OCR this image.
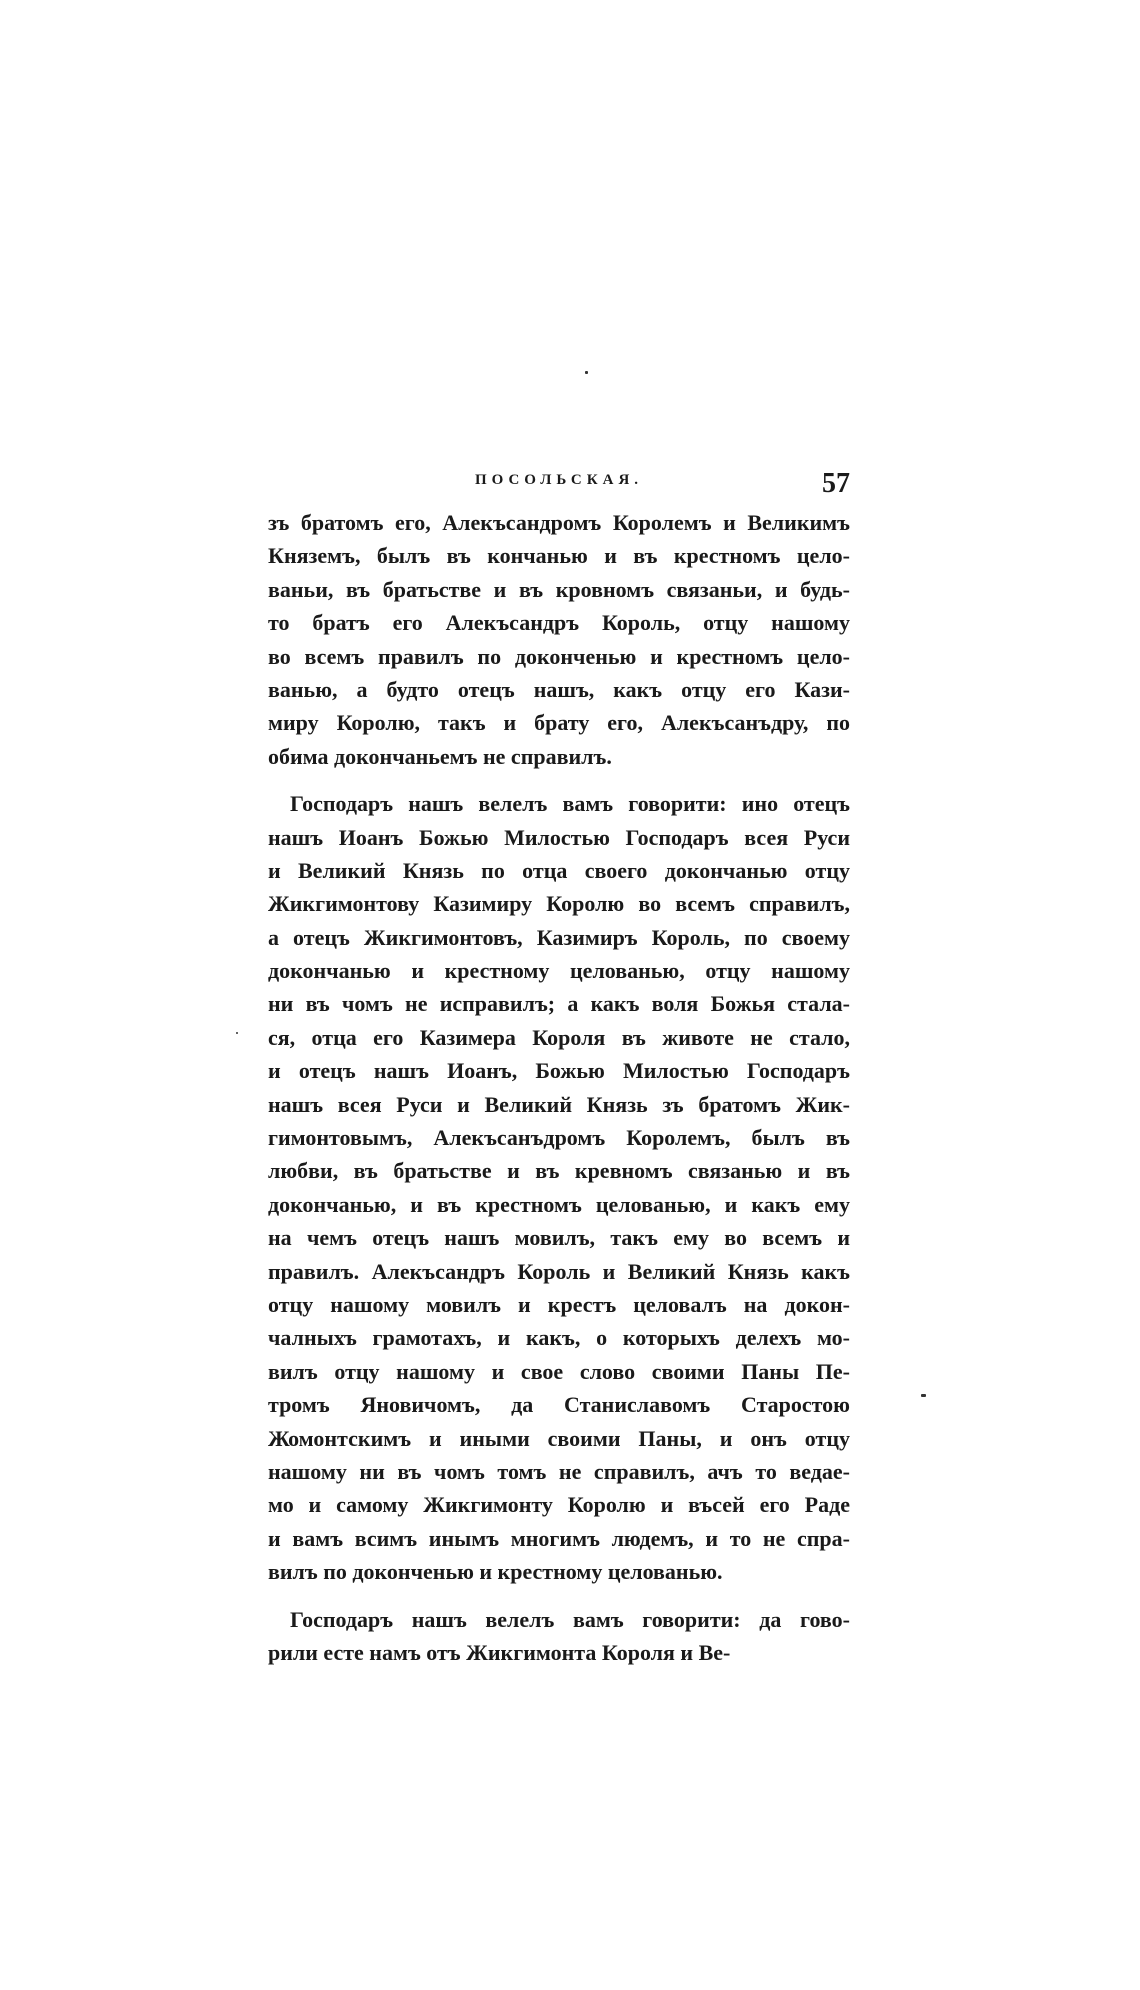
ПОСОЛЬСКАЯ.	57
зъ братомъ его, Алекъсандромъ Королемъ и Великимъ
Княземъ, былъ въ кончанью и въ крестномъ цело-
ваньи, въ братьстве и въ кровномъ связаньи, и будь-
то братъ его Алекъсандръ Король, отцу нашому
во всемъ правилъ по доконченью и крестномъ цело-
ванью, а будто отецъ нашъ, какъ отцу его Кази-
миру Королю, такъ и брату его, Алекъсанъдру, по
обима докончаньемъ не справилъ.
Господаръ нашъ велелъ вамъ говорити: ино отецъ
нашъ Иоанъ Божью Милостью Господаръ всея Руси
и Великий Князь по отца своего докончанью отцу
Жикгимонтову Казимиру Королю во всемъ справилъ,
а отецъ Жикгимонтовъ, Казимиръ Король, по своему
докончанью и крестному целованью, отцу нашому
ни въ чомъ не исправилъ; а какъ воля Божья стала-
ся, отца его Казимера Короля въ животе не стало,
и отецъ нашъ Иоанъ, Божью Милостью Господаръ
нашъ всея Руси и Великий Князь зъ братомъ Жик-
гимонтовымъ, Алекъсанъдромъ Королемъ, былъ въ
любви, въ братьстве и въ кревномъ связанью и въ
докончанью, и въ крестномъ целованью, и какъ ему
на чемъ отецъ нашъ мовилъ, такъ ему во всемъ и
правилъ. Алекъсандръ Король и Великий Князь какъ
отцу нашому мовилъ и крестъ целовалъ на докон-
чалныхъ грамотахъ, и какъ, о которыхъ делехъ мо-
вилъ отцу нашому и свое слово своими Паны Пе-
тромъ Яновичомъ, да Станиславомъ Старостою
Жомонтскимъ и иными своими Паны, и онъ отцу
нашому ни въ чомъ томъ не справилъ, ачъ то ведае-
мо и самому Жикгимонту Королю и въсей его Раде
и вамъ всимъ инымъ многимъ людемъ, и то не спра-
вилъ по доконченью и крестному целованью.
Господаръ нашъ велелъ вамъ говорити: да гово-
рили есте намъ отъ Жикгимонта Короля и Ве-
